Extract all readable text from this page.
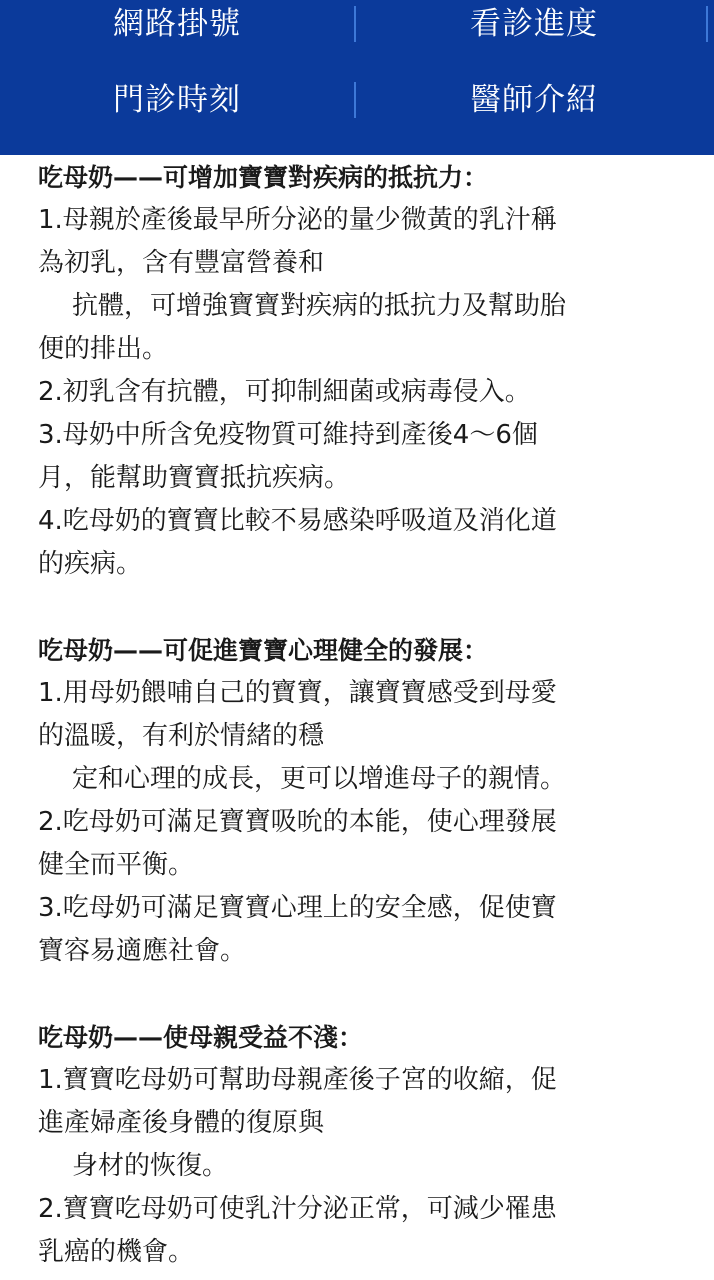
網路掛號	看診進度
門診時刻	醫師介紹
吃母奶——可增加寶寶對疾病的抵抗力：
1.母親於產後最早所分泌的量少微黃的乳汁稱
為初乳，含有豐富營養和
抗體，可增強寶寶對疾病的抵抗力及幫助胎
便的排出。
2.初乳含有抗體，可抑制細菌或病毒侵入。
3.母奶中所含免疫物質可維持到產後4～6個
月，能幫助寶寶抵抗疾病。
4.吃母奶的寶寶比較不易感染呼吸道及消化道
的疾病。
吃母奶——可促進寶寶心理健全的發展：
1.用母奶餵哺自己的寶寶，讓寶寶感受到母愛
的溫暖，有利於情緒的穩
定和心理的成長，更可以增進母子的親情。
2.吃母奶可滿足寶寶吸吮的本能，使心理發展
健全而平衡。
3.吃母奶可滿足寶寶心理上的安全感，促使寶
寶容易適應社會。
吃母奶——使母親受益不淺：
1.寶寶吃母奶可幫助母親產後子宮的收縮，促
進產婦產後身體的復原與
身材的恢復。
2.寶寶吃母奶可使乳汁分泌正常，可減少罹患
乳癌的機會。
